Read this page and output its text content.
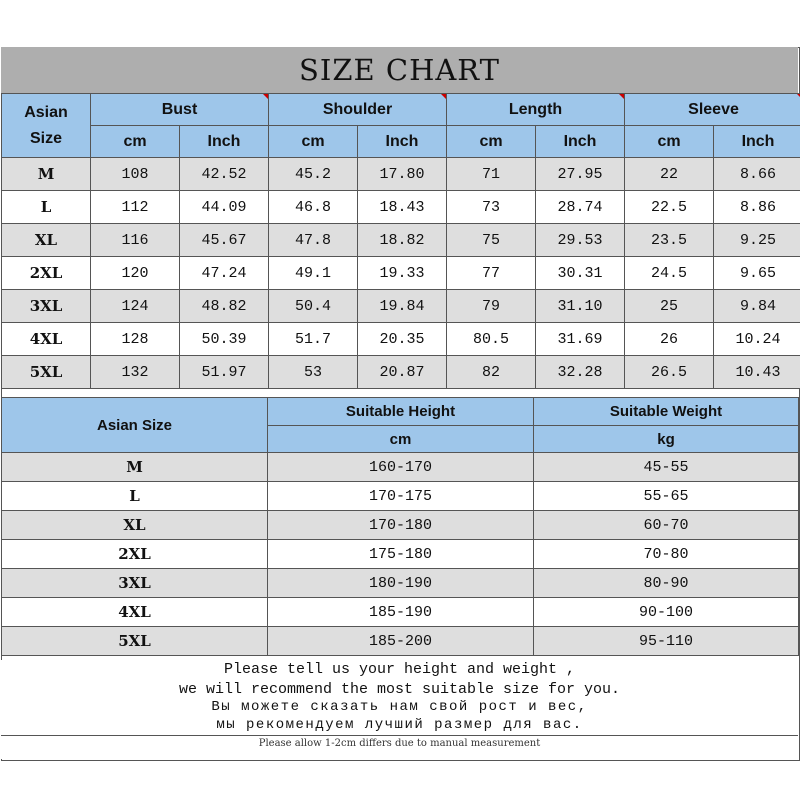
SIZE CHART
Asian
Size	Bust		Shoulder		Length		Sleeve	
	cm	Inch	cm	Inch	cm	Inch	cm	Inch
M	108	42.52	45.2	17.80	71	27.95	22	8.66
L	112	44.09	46.8	18.43	73	28.74	22.5	8.86
XL	116	45.67	47.8	18.82	75	29.53	23.5	9.25
2XL	120	47.24	49.1	19.33	77	30.31	24.5	9.65
3XL	124	48.82	50.4	19.84	79	31.10	25	9.84
4XL	128	50.39	51.7	20.35	80.5	31.69	26	10.24
5XL	132	51.97	53	20.87	82	32.28	26.5	10.43
Asian Size	Suitable Height	Suitable Weight
	cm	kg
M	160-170	45-55
L	170-175	55-65
XL	170-180	60-70
2XL	175-180	70-80
3XL	180-190	80-90
4XL	185-190	90-100
5XL	185-200	95-110
Please tell us your height and weight ,
we will recommend the most suitable size for you.
Вы можете сказать нам свой рост и вес,
мы рекомендуем лучший размер для вас.
Please allow 1-2cm differs due to manual measurement
